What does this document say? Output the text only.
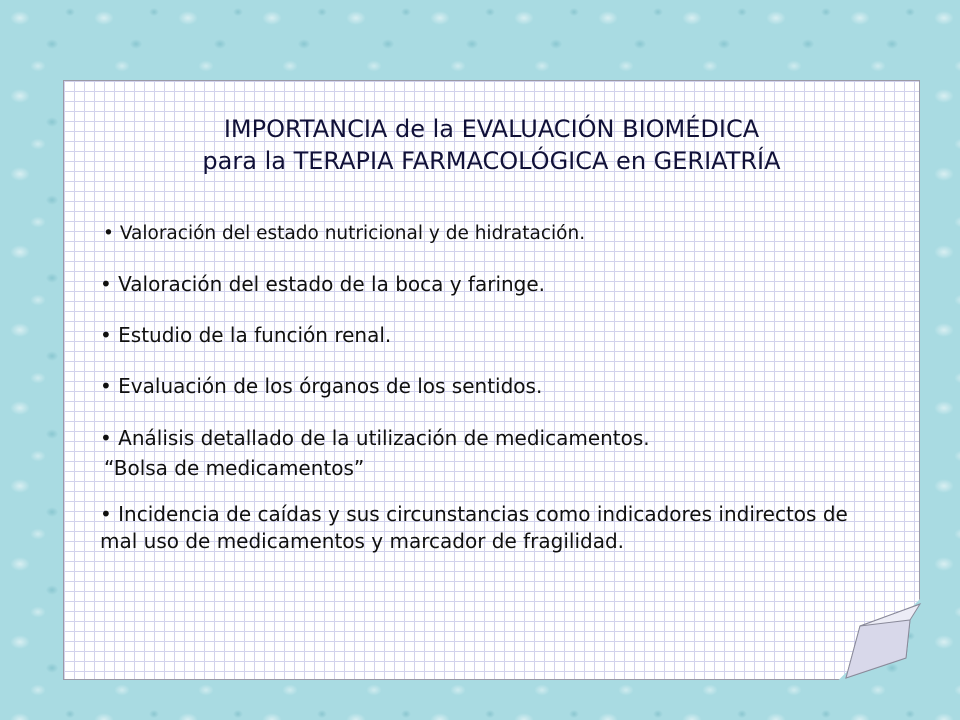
IMPORTANCIA de la EVALUACIÓN BIOMÉDICA
para la TERAPIA FARMACOLÓGICA en GERIATRÍA
• Valoración del estado nutricional y de hidratación.
• Valoración del estado de la boca y faringe.
• Estudio de la función renal.
• Evaluación de los órganos de los sentidos.
• Análisis detallado de la utilización de medicamentos.
“Bolsa de medicamentos”
• Incidencia de caídas y sus circunstancias como indicadores indirectos de mal uso de medicamentos y marcador de fragilidad.
